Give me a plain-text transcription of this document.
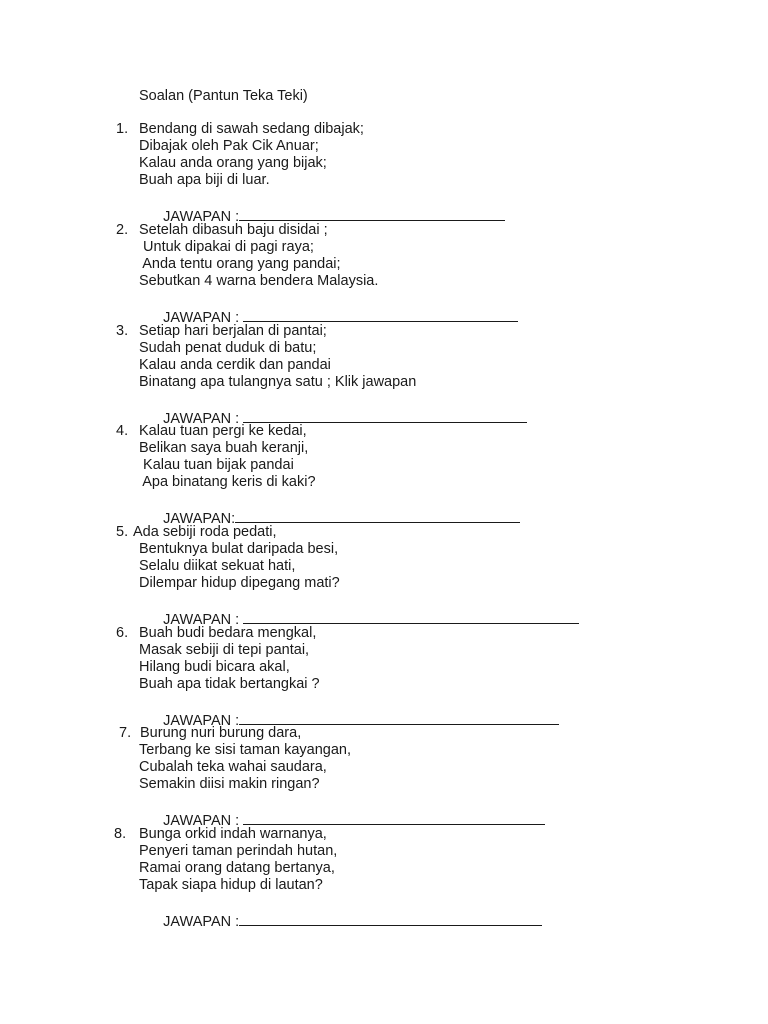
Soalan (Pantun Teka Teki)
1. Bendang di sawah sedang dibajak;
Dibajak oleh Pak Cik Anuar;
Kalau anda orang yang bijak;
Buah apa biji di luar.

JAWAPAN :

2. Setelah dibasuh baju disidai ;
Untuk dipakai di pagi raya;
Anda tentu orang yang pandai;
Sebutkan 4 warna bendera Malaysia.

JAWAPAN :

3. Setiap hari berjalan di pantai;
Sudah penat duduk di batu;
Kalau anda cerdik dan pandai
Binatang apa tulangnya satu ; Klik jawapan

JAWAPAN :

4. Kalau tuan pergi ke kedai,
Belikan saya buah keranji,
Kalau tuan bijak pandai
Apa binatang keris di kaki?

JAWAPAN:

5. Ada sebiji roda pedati,
Bentuknya bulat daripada besi,
Selalu diikat sekuat hati,
Dilempar hidup dipegang mati?

JAWAPAN :

6. Buah budi bedara mengkal,
Masak sebiji di tepi pantai,
Hilang budi bicara akal,
Buah apa tidak bertangkai ?

JAWAPAN :

7. Burung nuri burung dara,
Terbang ke sisi taman kayangan,
Cubalah teka wahai saudara,
Semakin diisi makin ringan?

JAWAPAN :

8. Bunga orkid indah warnanya,
Penyeri taman perindah hutan,
Ramai orang datang bertanya,
Tapak siapa hidup di lautan?

JAWAPAN :
